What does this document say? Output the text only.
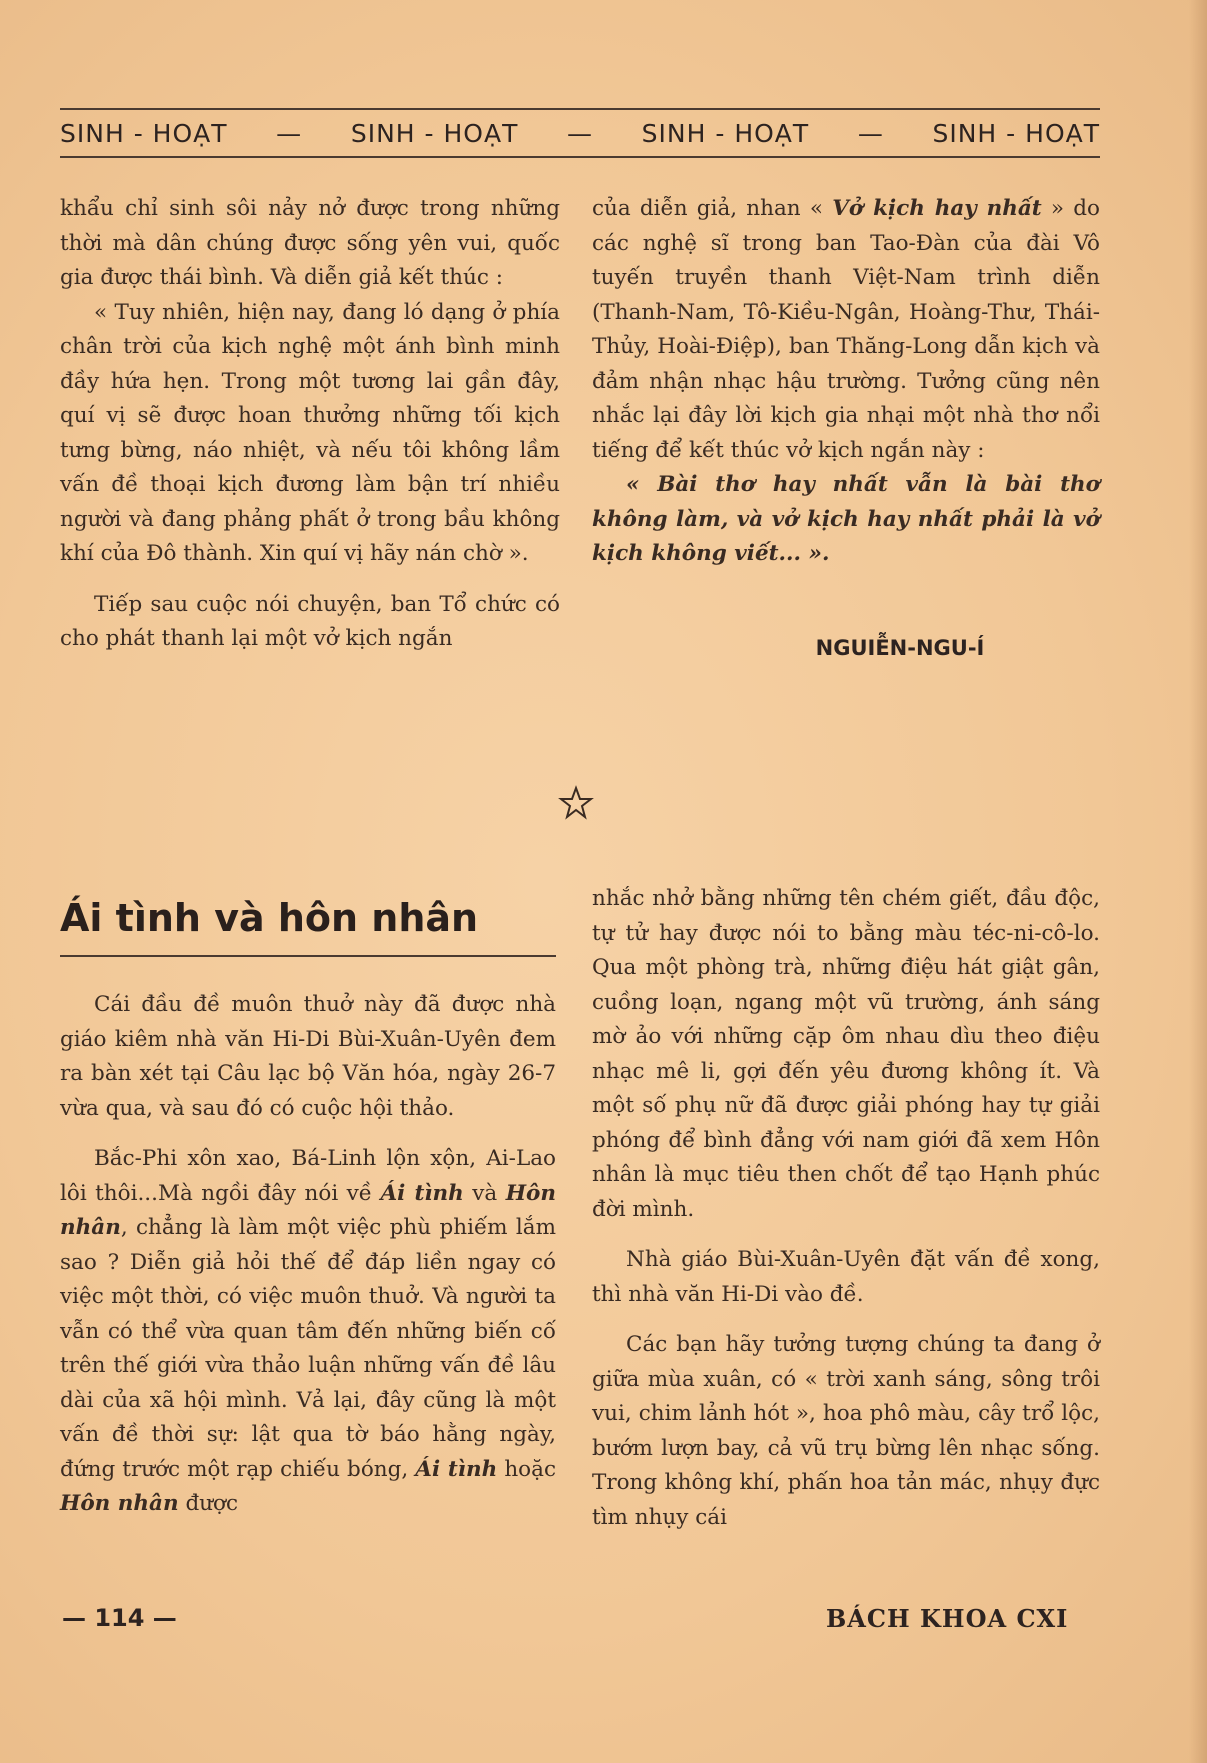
SINH - HOẠT — SINH - HOẠT — SINH - HOẠT — SINH - HOẠT

khẩu chỉ sinh sôi nảy nở được trong những thời mà dân chúng được sống yên vui, quốc gia được thái bình. Và diễn giả kết thúc :

« Tuy nhiên, hiện nay, đang ló dạng ở phía chân trời của kịch nghệ một ánh bình minh đầy hứa hẹn. Trong một tương lai gần đây, quí vị sẽ được hoan thưởng những tối kịch tưng bừng, náo nhiệt, và nếu tôi không lầm vấn đề thoại kịch đương làm bận trí nhiều người và đang phảng phất ở trong bầu không khí của Đô thành. Xin quí vị hãy nán chờ ».

Tiếp sau cuộc nói chuyện, ban Tổ chức có cho phát thanh lại một vở kịch ngắn

của diễn giả, nhan « Vở kịch hay nhất » do các nghệ sĩ trong ban Tao-Đàn của đài Vô tuyến truyền thanh Việt-Nam trình diễn (Thanh-Nam, Tô-Kiều-Ngân, Hoàng-Thư, Thái-Thủy, Hoài-Điệp), ban Thăng-Long dẫn kịch và đảm nhận nhạc hậu trường. Tưởng cũng nên nhắc lại đây lời kịch gia nhại một nhà thơ nổi tiếng để kết thúc vở kịch ngắn này :

« Bài thơ hay nhất vẫn là bài thơ không làm, và vở kịch hay nhất phải là vở kịch không viết... ».

NGUIỄN-NGU-Í
Ái tình và hôn nhân

Cái đầu đề muôn thuở này đã được nhà giáo kiêm nhà văn Hi-Di Bùi-Xuân-Uyên đem ra bàn xét tại Câu lạc bộ Văn hóa, ngày 26-7 vừa qua, và sau đó có cuộc hội thảo.

Bắc-Phi xôn xao, Bá-Linh lộn xộn, Ai-Lao lôi thôi...Mà ngồi đây nói về Ái tình và Hôn nhân, chẳng là làm một việc phù phiếm lắm sao ? Diễn giả hỏi thế để đáp liền ngay có việc một thời, có việc muôn thuở. Và người ta vẫn có thể vừa quan tâm đến những biến cố trên thế giới vừa thảo luận những vấn đề lâu dài của xã hội mình. Vả lại, đây cũng là một vấn đề thời sự: lật qua tờ báo hằng ngày, đứng trước một rạp chiếu bóng, Ái tình hoặc Hôn nhân được

nhắc nhở bằng những tên chém giết, đầu độc, tự tử hay được nói to bằng màu téc-ni-cô-lo. Qua một phòng trà, những điệu hát giật gân, cuồng loạn, ngang một vũ trường, ánh sáng mờ ảo với những cặp ôm nhau dìu theo điệu nhạc mê li, gợi đến yêu đương không ít. Và một số phụ nữ đã được giải phóng hay tự giải phóng để bình đẳng với nam giới đã xem Hôn nhân là mục tiêu then chốt để tạo Hạnh phúc đời mình.

Nhà giáo Bùi-Xuân-Uyên đặt vấn đề xong, thì nhà văn Hi-Di vào đề.

Các bạn hãy tưởng tượng chúng ta đang ở giữa mùa xuân, có « trời xanh sáng, sông trôi vui, chim lảnh hót », hoa phô màu, cây trổ lộc, bướm lượn bay, cả vũ trụ bừng lên nhạc sống. Trong không khí, phấn hoa tản mác, nhụy đực tìm nhụy cái

— 114 —	BÁCH KHOA CXI
